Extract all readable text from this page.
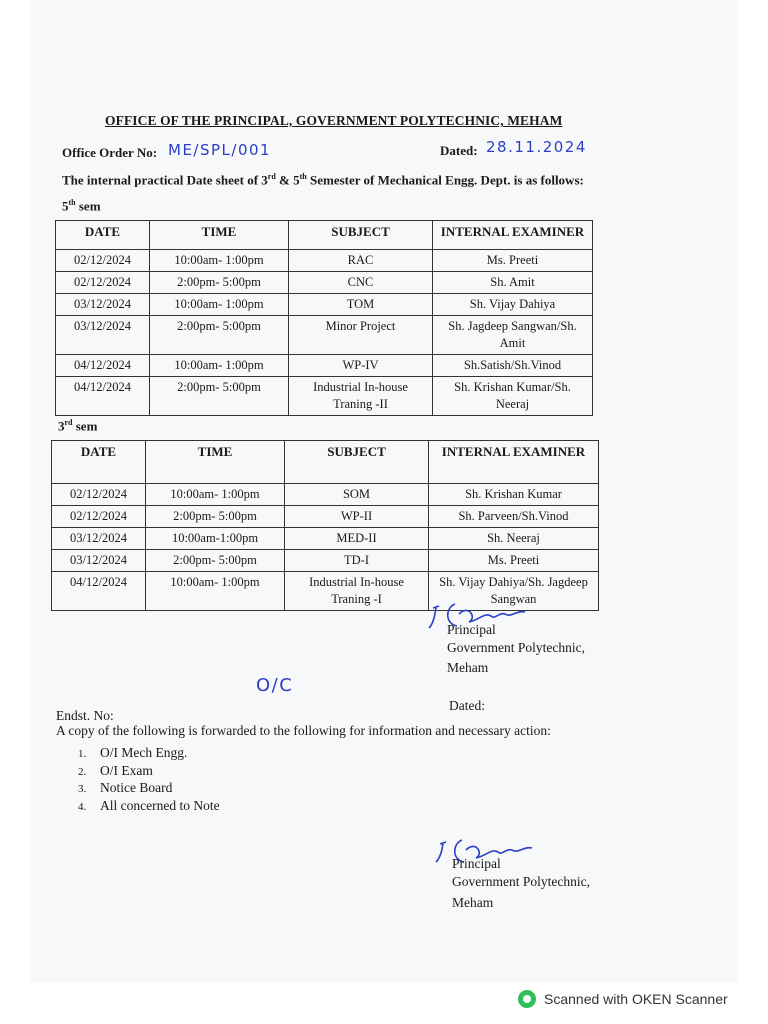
OFFICE OF THE PRINCIPAL, GOVERNMENT POLYTECHNIC, MEHAM
Office Order No: ME/SPL/001	Dated: 28.11.2024
The internal practical Date sheet of 3rd & 5th Semester of Mechanical Engg. Dept. is as follows:
5th sem
DATE	TIME	SUBJECT	INTERNAL EXAMINER
02/12/2024	10:00am- 1:00pm	RAC	Ms. Preeti
02/12/2024	2:00pm- 5:00pm	CNC	Sh. Amit
03/12/2024	10:00am- 1:00pm	TOM	Sh. Vijay Dahiya
03/12/2024	2:00pm- 5:00pm	Minor Project	Sh. Jagdeep Sangwan/Sh. Amit
04/12/2024	10:00am- 1:00pm	WP-IV	Sh.Satish/Sh.Vinod
04/12/2024	2:00pm- 5:00pm	Industrial In-house Traning -II	Sh. Krishan Kumar/Sh. Neeraj
3rd sem
DATE	TIME	SUBJECT	INTERNAL EXAMINER
02/12/2024	10:00am- 1:00pm	SOM	Sh. Krishan Kumar
02/12/2024	2:00pm- 5:00pm	WP-II	Sh. Parveen/Sh.Vinod
03/12/2024	10:00am-1:00pm	MED-II	Sh. Neeraj
03/12/2024	2:00pm- 5:00pm	TD-I	Ms. Preeti
04/12/2024	10:00am- 1:00pm	Industrial In-house Traning -I	Sh. Vijay Dahiya/Sh. Jagdeep Sangwan
Principal
Government Polytechnic,
Meham
O/C
Dated:
Endst. No:
A copy of the following is forwarded to the following for information and necessary action:
1. O/I Mech Engg.
2. O/I Exam
3. Notice Board
4. All concerned to Note
Principal
Government Polytechnic,
Meham
Scanned with OKEN Scanner
